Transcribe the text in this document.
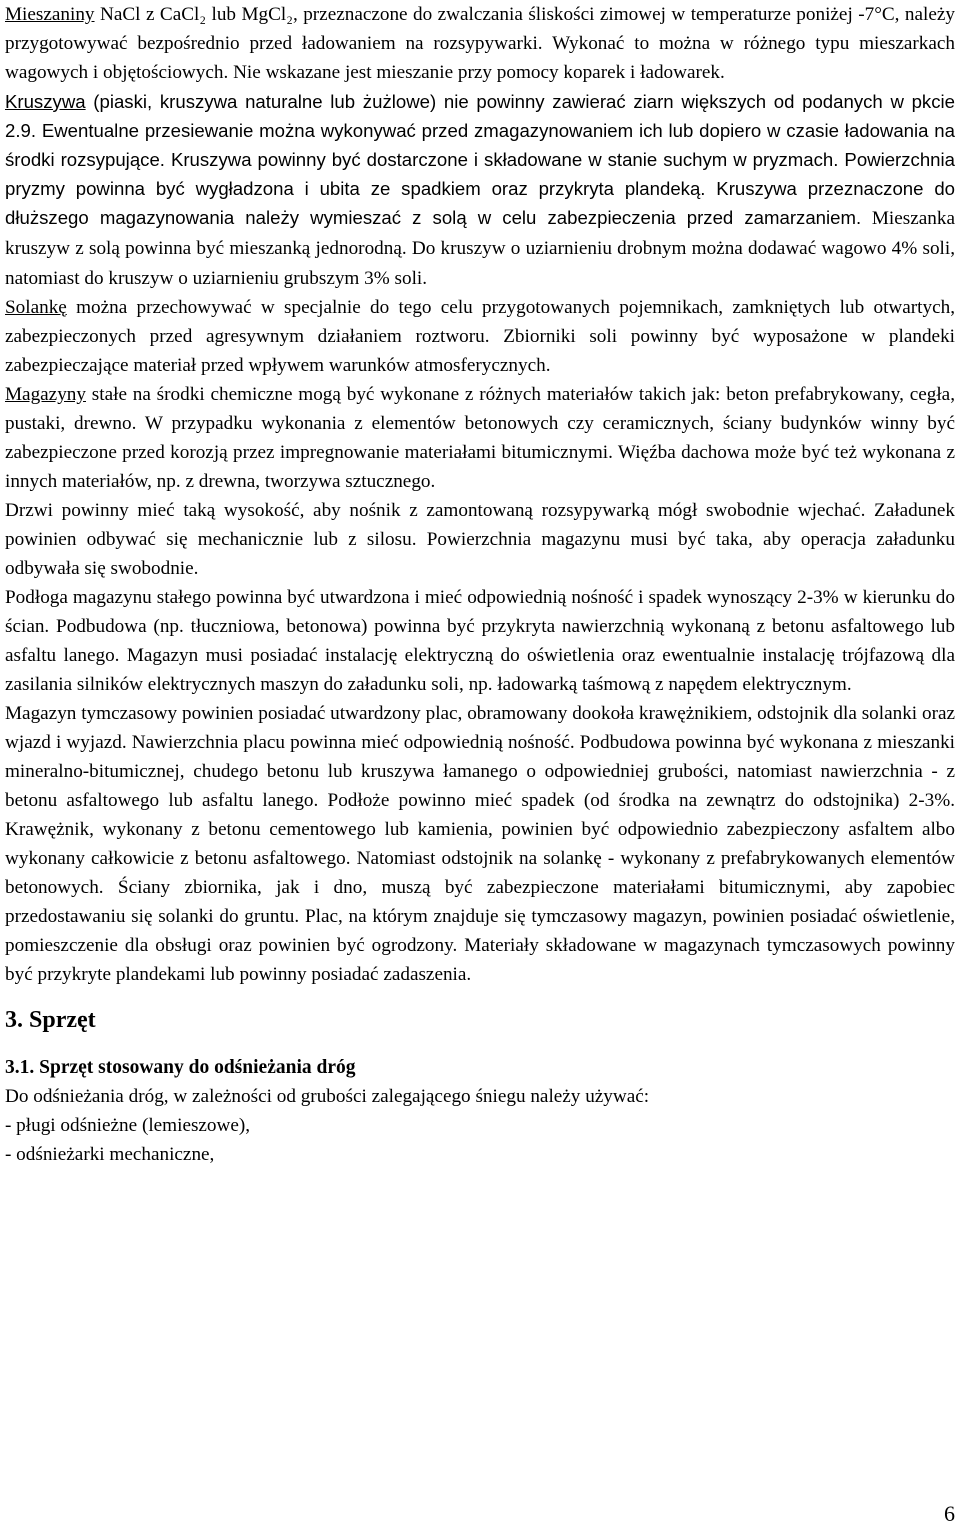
Mieszaniny NaCl z CaCl₂ lub MgCl₂, przeznaczone do zwalczania śliskości zimowej w temperaturze poniżej -7°C, należy przygotowywać bezpośrednio przed ładowaniem na rozsypywarki. Wykonać to można w różnego typu mieszarkach wagowych i objętościowych. Nie wskazane jest mieszanie przy pomocy koparek i ładowarek.

Kruszywa (piaski, kruszywa naturalne lub żużlowe) nie powinny zawierać ziarn większych od podanych w pkcie 2.9. Ewentualne przesiewanie można wykonywać przed zmagazynowaniem ich lub dopiero w czasie ładowania na środki rozsypujące. Kruszywa powinny być dostarczone i składowane w stanie suchym w pryzmach. Powierzchnia pryzmy powinna być wygładzona i ubita ze spadkiem oraz przykryta plandeką. Kruszywa przeznaczone do dłuższego magazynowania należy wymieszać z solą w celu zabezpieczenia przed zamarzaniem. Mieszanka kruszyw z solą powinna być mieszanką jednorodną. Do kruszyw o uziarnieniu drobnym można dodawać wagowo 4% soli, natomiast do kruszyw o uziarnieniu grubszym 3% soli.

Solankę można przechowywać w specjalnie do tego celu przygotowanych pojemnikach, zamkniętych lub otwartych, zabezpieczonych przed agresywnym działaniem roztworu. Zbiorniki soli powinny być wyposażone w plandeki zabezpieczające materiał przed wpływem warunków atmosferycznych.

Magazyny stałe na środki chemiczne mogą być wykonane z różnych materiałów takich jak: beton prefabrykowany, cegła, pustaki, drewno. W przypadku wykonania z elementów betonowych czy ceramicznych, ściany budynków winny być zabezpieczone przed korozją przez impregnowanie materiałami bitumicznymi. Więźba dachowa może być też wykonana z innych materiałów, np. z drewna, tworzywa sztucznego.

Drzwi powinny mieć taką wysokość, aby nośnik z zamontowaną rozsypywarką mógł swobodnie wjechać. Załadunek powinien odbywać się mechanicznie lub z silosu. Powierzchnia magazynu musi być taka, aby operacja załadunku odbywała się swobodnie.

Podłoga magazynu stałego powinna być utwardzona i mieć odpowiednią nośność i spadek wynoszący 2-3% w kierunku do ścian. Podbudowa (np. tłuczniowa, betonowa) powinna być przykryta nawierzchnią wykonaną z betonu asfaltowego lub asfaltu lanego. Magazyn musi posiadać instalację elektryczną do oświetlenia oraz ewentualnie instalację trójfazową dla zasilania silników elektrycznych maszyn do załadunku soli, np. ładowarką taśmową z napędem elektrycznym.

Magazyn tymczasowy powinien posiadać utwardzony plac, obramowany dookoła krawężnikiem, odstojnik dla solanki oraz wjazd i wyjazd. Nawierzchnia placu powinna mieć odpowiednią nośność. Podbudowa powinna być wykonana z mieszanki mineralno-bitumicznej, chudego betonu lub kruszywa łamanego o odpowiedniej grubości, natomiast nawierzchnia - z betonu asfaltowego lub asfaltu lanego. Podłoże powinno mieć spadek (od środka na zewnątrz do odstojnika) 2-3%. Krawężnik, wykonany z betonu cementowego lub kamienia, powinien być odpowiednio zabezpieczony asfaltem albo wykonany całkowicie z betonu asfaltowego. Natomiast odstojnik na solankę - wykonany z prefabrykowanych elementów betonowych. Ściany zbiornika, jak i dno, muszą być zabezpieczone materiałami bitumicznymi, aby zapobiec przedostawaniu się solanki do gruntu. Plac, na którym znajduje się tymczasowy magazyn, powinien posiadać oświetlenie, pomieszczenie dla obsługi oraz powinien być ogrodzony. Materiały składowane w magazynach tymczasowych powinny być przykryte plandekami lub powinny posiadać zadaszenia.

3. Sprzęt
3.1. Sprzęt stosowany do odśnieżania dróg

Do odśnieżania dróg, w zależności od grubości zalegającego śniegu należy używać:

- pługi odśnieżne (lemieszowe),

- odśnieżarki mechaniczne,

6
